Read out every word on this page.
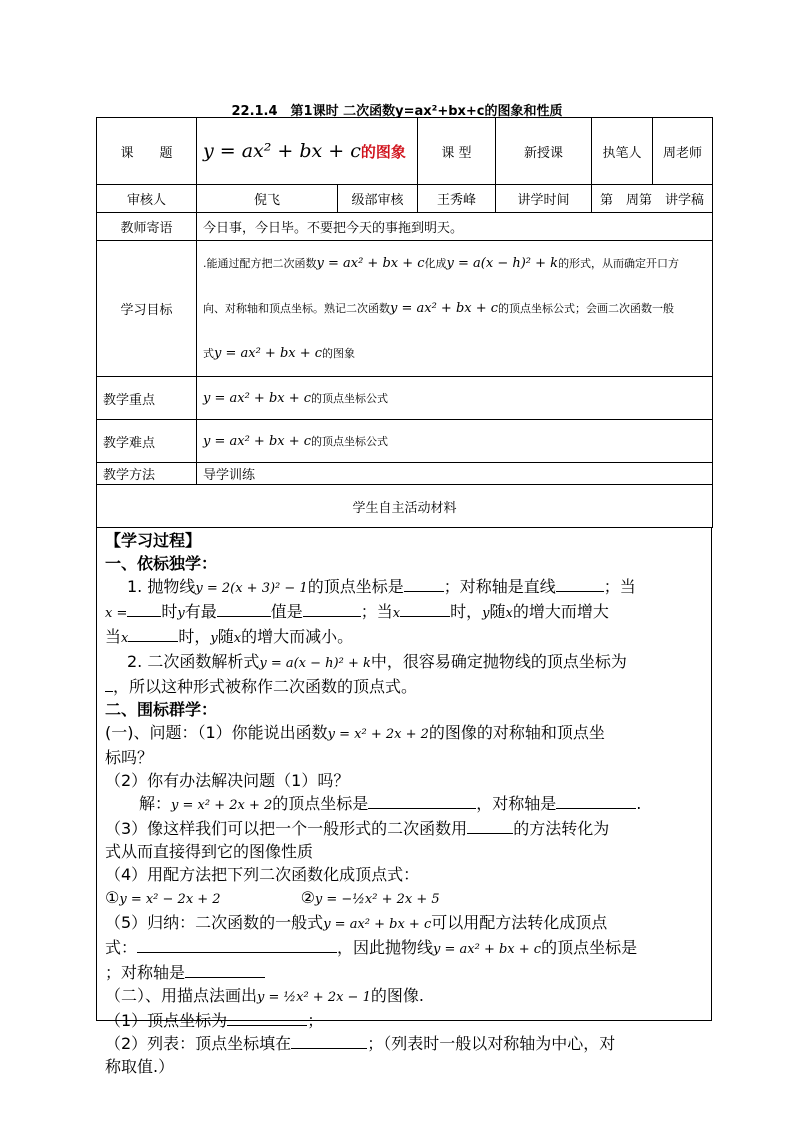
22.1.4　第1课时 二次函数y=ax²+bx+c的图象和性质
课　　题	y = ax² + bx + c的图象		课 型	新授课	执笔人	周老师
审核人	倪飞	级部审核	王秀峰	讲学时间	第　周第　讲学稿	
教师寄语	今日事，今日毕。不要把今天的事拖到明天。					
学习目标	.能通过配方把二次函数y = ax² + bx + c化成y = a(x − h)² + k的形式，从而确定开口方
向、对称轴和顶点坐标。熟记二次函数y = ax² + bx + c的顶点坐标公式；会画二次函数一般
式y = ax² + bx + c的图象					

教学重点	y = ax² + bx + c的顶点坐标公式					
教学难点	y = ax² + bx + c的顶点坐标公式					
教学方法	导学训练					
学生自主活动材料						

【学习过程】

一、依标独学：

1. 抛物线y = 2(x + 3)² − 1的顶点坐标是	；对称轴是直线	；当

x = 时y有最	值是	；当x	时，y随x的增大而增大

当x	时，y随x的增大而减小。

2. 二次函数解析式y = a(x − h)² + k中，很容易确定抛物线的顶点坐标为

，所以这种形式被称作二次函数的顶点式。

二、围标群学：

(一)、问题：（1）你能说出函数y = x² + 2x + 2的图像的对称轴和顶点坐

标吗？

（2）你有办法解决问题（1）吗？

解：y = x² + 2x + 2的顶点坐标是	，对称轴是	.

（3）像这样我们可以把一个一般形式的二次函数用	的方法转化为

式从而直接得到它的图像性质

（4）用配方法把下列二次函数化成顶点式：

①y = x² − 2x + 2	②y = −½x² + 2x + 5

（5）归纳：二次函数的一般式y = ax² + bx + c可以用配方法转化成顶点

式：	，因此抛物线y = ax² + bx + c的顶点坐标是

；对称轴是

（二）、用描点法画出y = ½x² + 2x − 1的图像.

（1）顶点坐标为	；

（2）列表：顶点坐标填在	；（列表时一般以对称轴为中心，对

称取值.）
